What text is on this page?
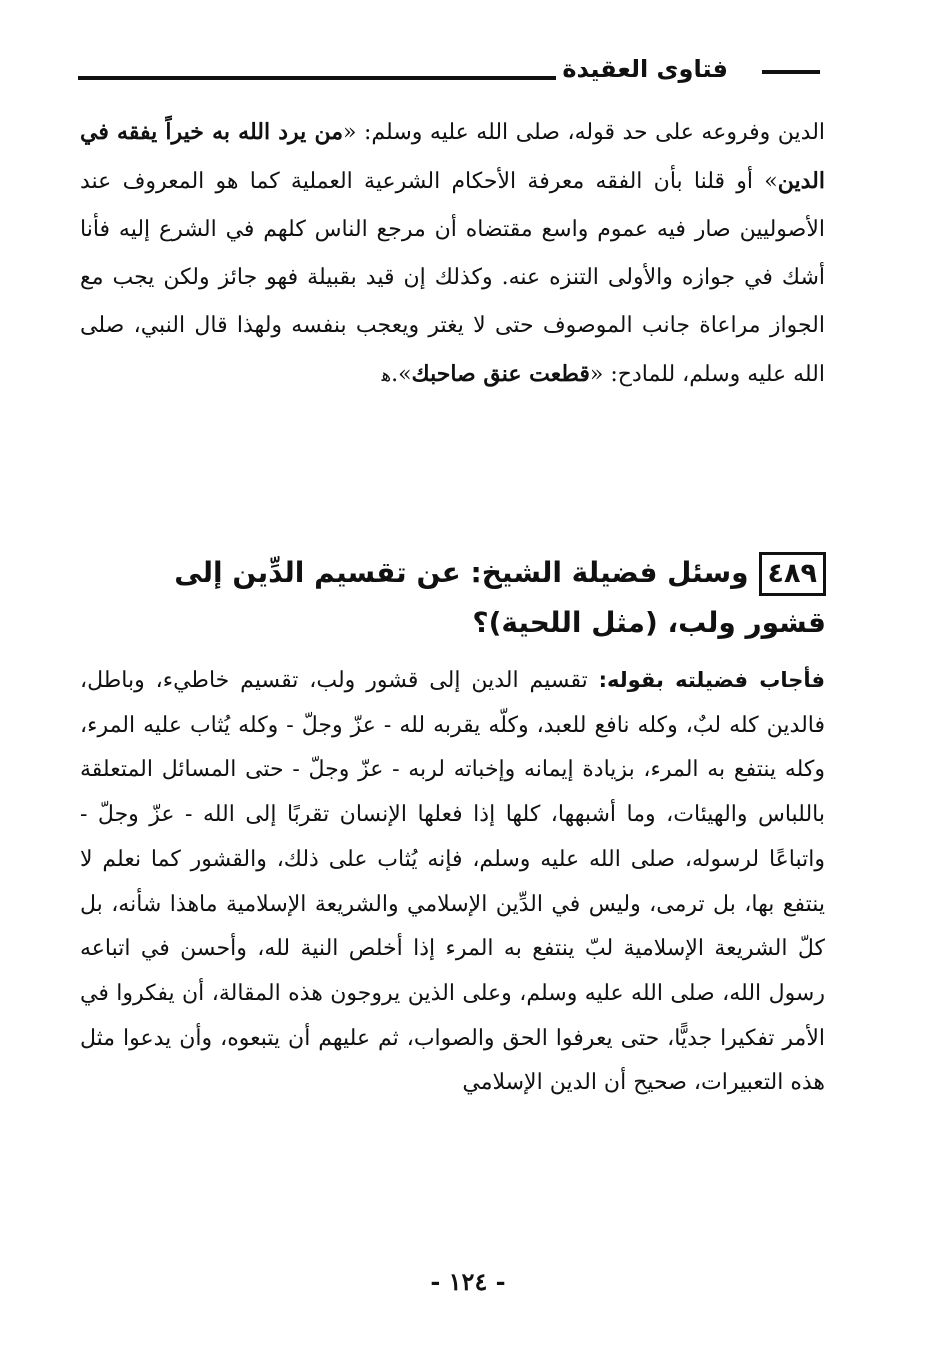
فتاوى العقيدة

الدين وفروعه على حد قوله، صلى الله عليه وسلم: «من يرد الله به خيراً يفقه في الدين» أو قلنا بأن الفقه معرفة الأحكام الشرعية العملية كما هو المعروف عند الأصوليين صار فيه عموم واسع مقتضاه أن مرجع الناس كلهم في الشرع إليه فأنا أشك في جوازه والأولى التنزه عنه. وكذلك إن قيد بقبيلة فهو جائز ولكن يجب مع الجواز مراعاة جانب الموصوف حتى لا يغتر ويعجب بنفسه ولهذا قال النبي، صلى الله عليه وسلم، للمادح: «قطعت عنق صاحبك».ﻫ

٤٨٩وسئل فضيلة الشيخ: عن تقسيم الدِّين إلى قشور ولب، (مثل اللحية)؟

فأجاب فضيلته بقوله: تقسيم الدين إلى قشور ولب، تقسيم خاطيء، وباطل، فالدين كله لبٌ، وكله نافع للعبد، وكلّه يقربه لله - عزّ وجلّ - وكله يُثاب عليه المرء، وكله ينتفع به المرء، بزيادة إيمانه وإخباته لربه - عزّ وجلّ - حتى المسائل المتعلقة باللباس والهيئات، وما أشبهها، كلها إذا فعلها الإنسان تقربًا إلى الله - عزّ وجلّ - واتباعًا لرسوله، صلى الله عليه وسلم، فإنه يُثاب على ذلك، والقشور كما نعلم لا ينتفع بها، بل ترمى، وليس في الدِّين الإسلامي والشريعة الإسلامية ماهذا شأنه، بل كلّ الشريعة الإسلامية لبّ ينتفع به المرء إذا أخلص النية لله، وأحسن في اتباعه رسول الله، صلى الله عليه وسلم، وعلى الذين يروجون هذه المقالة، أن يفكروا في الأمر تفكيرا جديًّا، حتى يعرفوا الحق والصواب، ثم عليهم أن يتبعوه، وأن يدعوا مثل هذه التعبيرات، صحيح أن الدين الإسلامي

- ١٢٤ -
